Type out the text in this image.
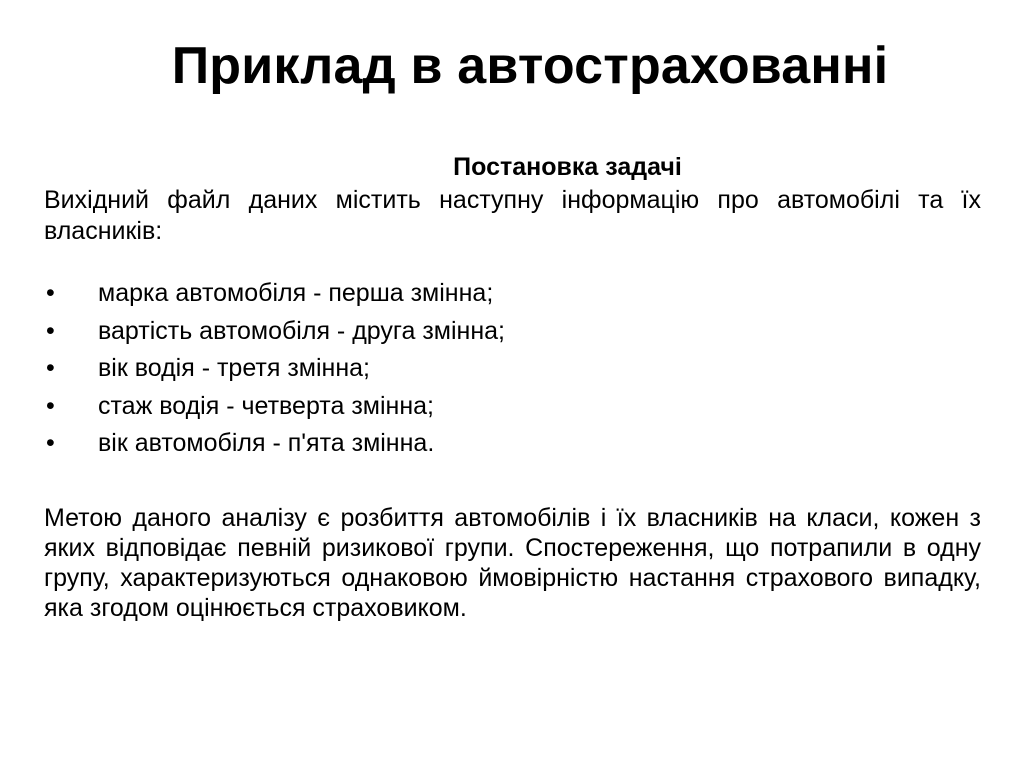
Приклад в автострахованні

Постановка задачі

Вихідний файл даних містить наступну інформацію про автомобілі та їх власників:

•	марка автомобіля - перша змінна;
•	вартість автомобіля - друга змінна;
•	вік водія - третя змінна;
•	стаж водія - четверта змінна;
•	вік автомобіля - п'ята змінна.

Метою даного аналізу є розбиття автомобілів і їх власників на класи, кожен з яких відповідає певній ризикової групи. Спостереження, що потрапили в одну групу, характеризуються однаковою ймовірністю настання страхового випадку, яка згодом оцінюється страховиком.
